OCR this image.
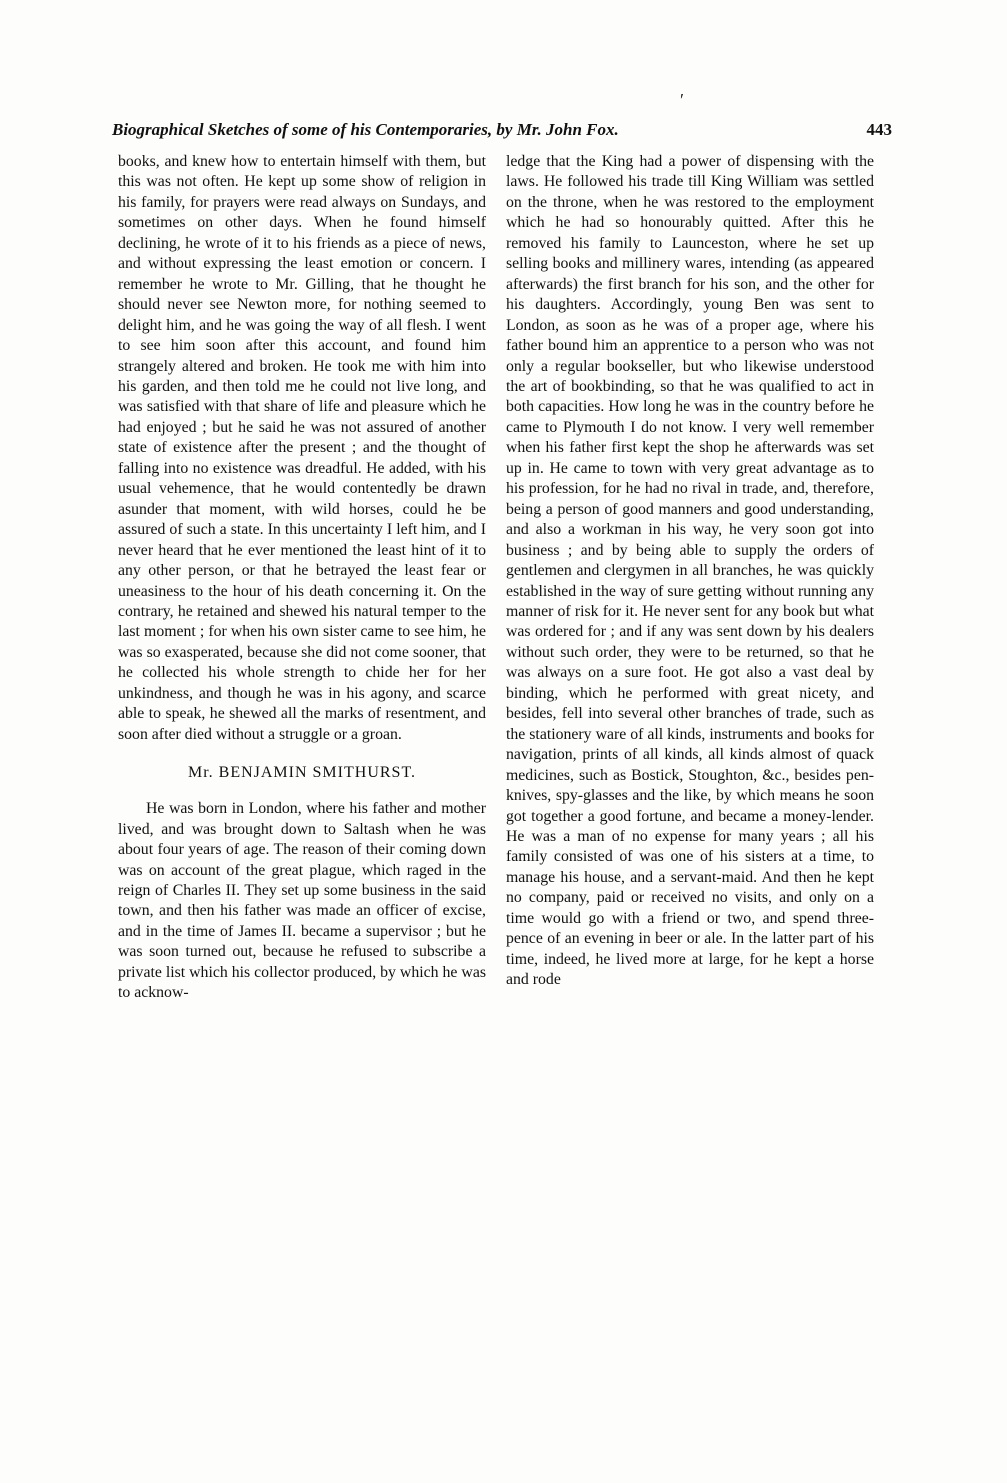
′
Biographical Sketches of some of his Contemporaries, by Mr. John Fox.	443

books, and knew how to entertain himself with them, but this was not often. He kept up some show of religion in his family, for prayers were read always on Sundays, and sometimes on other days. When he found himself declining, he wrote of it to his friends as a piece of news, and without expressing the least emotion or concern. I remember he wrote to Mr. Gilling, that he thought he should never see Newton more, for nothing seemed to delight him, and he was going the way of all flesh. I went to see him soon after this account, and found him strangely altered and broken. He took me with him into his garden, and then told me he could not live long, and was satisfied with that share of life and pleasure which he had enjoyed ; but he said he was not assured of another state of existence after the present ; and the thought of falling into no existence was dreadful. He added, with his usual vehemence, that he would contentedly be drawn asunder that moment, with wild horses, could he be assured of such a state. In this uncertainty I left him, and I never heard that he ever mentioned the least hint of it to any other person, or that he betrayed the least fear or uneasiness to the hour of his death concerning it. On the contrary, he retained and shewed his natural temper to the last moment ; for when his own sister came to see him, he was so exasperated, because she did not come sooner, that he collected his whole strength to chide her for her unkindness, and though he was in his agony, and scarce able to speak, he shewed all the marks of resentment, and soon after died without a struggle or a groan.

Mr. BENJAMIN SMITHURST.

He was born in London, where his father and mother lived, and was brought down to Saltash when he was about four years of age. The reason of their coming down was on account of the great plague, which raged in the reign of Charles II. They set up some business in the said town, and then his father was made an officer of excise, and in the time of James II. became a supervisor ; but he was soon turned out, because he refused to subscribe a private list which his collector produced, by which he was to acknow-

ledge that the King had a power of dispensing with the laws. He followed his trade till King William was settled on the throne, when he was restored to the employment which he had so honourably quitted. After this he removed his family to Launceston, where he set up selling books and millinery wares, intending (as appeared afterwards) the first branch for his son, and the other for his daughters. Accordingly, young Ben was sent to London, as soon as he was of a proper age, where his father bound him an apprentice to a person who was not only a regular bookseller, but who likewise understood the art of bookbinding, so that he was qualified to act in both capacities. How long he was in the country before he came to Plymouth I do not know. I very well remember when his father first kept the shop he afterwards was set up in. He came to town with very great advantage as to his profession, for he had no rival in trade, and, therefore, being a person of good manners and good understanding, and also a workman in his way, he very soon got into business ; and by being able to supply the orders of gentlemen and clergymen in all branches, he was quickly established in the way of sure getting without running any manner of risk for it. He never sent for any book but what was ordered for ; and if any was sent down by his dealers without such order, they were to be returned, so that he was always on a sure foot. He got also a vast deal by binding, which he performed with great nicety, and besides, fell into several other branches of trade, such as the stationery ware of all kinds, instruments and books for navigation, prints of all kinds, all kinds almost of quack medicines, such as Bostick, Stoughton, &c., besides pen-knives, spy-glasses and the like, by which means he soon got together a good fortune, and became a money-lender. He was a man of no expense for many years ; all his family consisted of was one of his sisters at a time, to manage his house, and a servant-maid. And then he kept no company, paid or received no visits, and only on a time would go with a friend or two, and spend three-pence of an evening in beer or ale. In the latter part of his time, indeed, he lived more at large, for he kept a horse and rode
